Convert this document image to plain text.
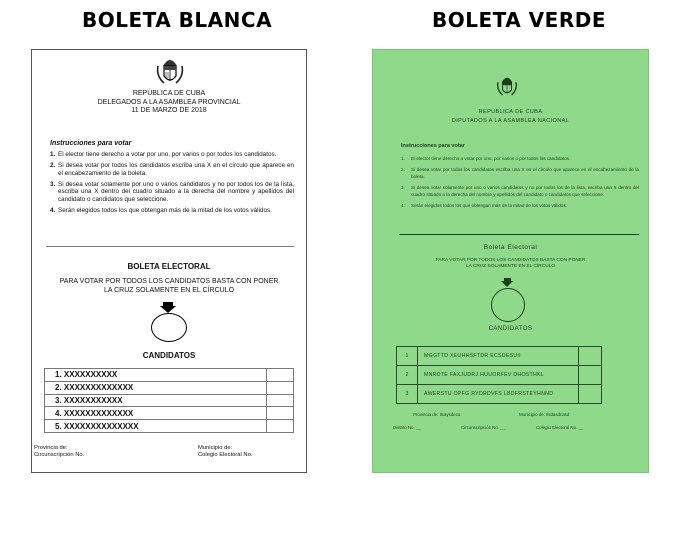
BOLETA BLANCA	BOLETA VERDE
REPÚBLICA DE CUBA
DELEGADOS A LA ASAMBLEA PROVINCIAL
11 DE MARZO DE 2018
Instrucciones para votar
1. El elector tiene derecho a votar por uno, por varios o por todos los candidatos.
2. Si desea votar por todos los candidatos escriba una X en el círculo que aparece en el encabezamiento de la boleta.
3. Si desea votar solamente por uno o varios candidatos y no por todos los de la lista, escriba una X dentro del cuadro situado a la derecha del nombre y apellidos del candidato o candidatos que seleccione.
4. Serán elegidos todos los que obtengan más de la mitad de los votos válidos.
BOLETA ELECTORAL
PARA VOTAR POR TODOS LOS CANDIDATOS BASTA CON PONER
LA CRUZ SOLAMENTE EN EL CÍRCULO
CANDIDATOS
1. XXXXXXXXXX	
2. XXXXXXXXXXXXX	
3. XXXXXXXXXXX	
4. XXXXXXXXXXXXX	
5. XXXXXXXXXXXXXX	
Provincia de:
Circunscripción No.
Municipio de:
Colegio Electoral No.
REPUBLICA DE CUBA
DIPUTADOS A LA ASAMBLEA NACIONAL
Instrucciones para votar
1. El elector tiene derecho a votar por uno, por varios o por todos los candidatos.
2. Si desea votar por todos los candidatos escriba una X en el círculo que aparece en el encabezamiento de la boleta.
3. Si desea votar solamente por uno o varios candidatos y no por todos los de la lista, escriba una X dentro del cuadro situado a la derecha del nombre y apellidos del candidato o candidatos que seleccione.
4. Serán elegidos todos los que obtengan más de la mitad de los votos válidos.
Boleta Electoral
PARA VOTAR POR TODOS LOS CANDIDATOS BASTA CON PONER
LA CRUZ SOLAMENTE EN EL CÍRCULO
CANDIDATOS
1	MGGTTD XEUHHSFTDR ECSDESUII	
2	MNRDTE FAXJUDRJ HUUORFEV DHOSTHKL	
3	AWERSTU OPFG RYDRDVFS LBDFRSTEYHNND	
Provincia de: Ilsaysdeca	Municipio de: Ilsdasdcasd
Distrito No. __	Circunscripción No. __	Colegio Electoral No. __
